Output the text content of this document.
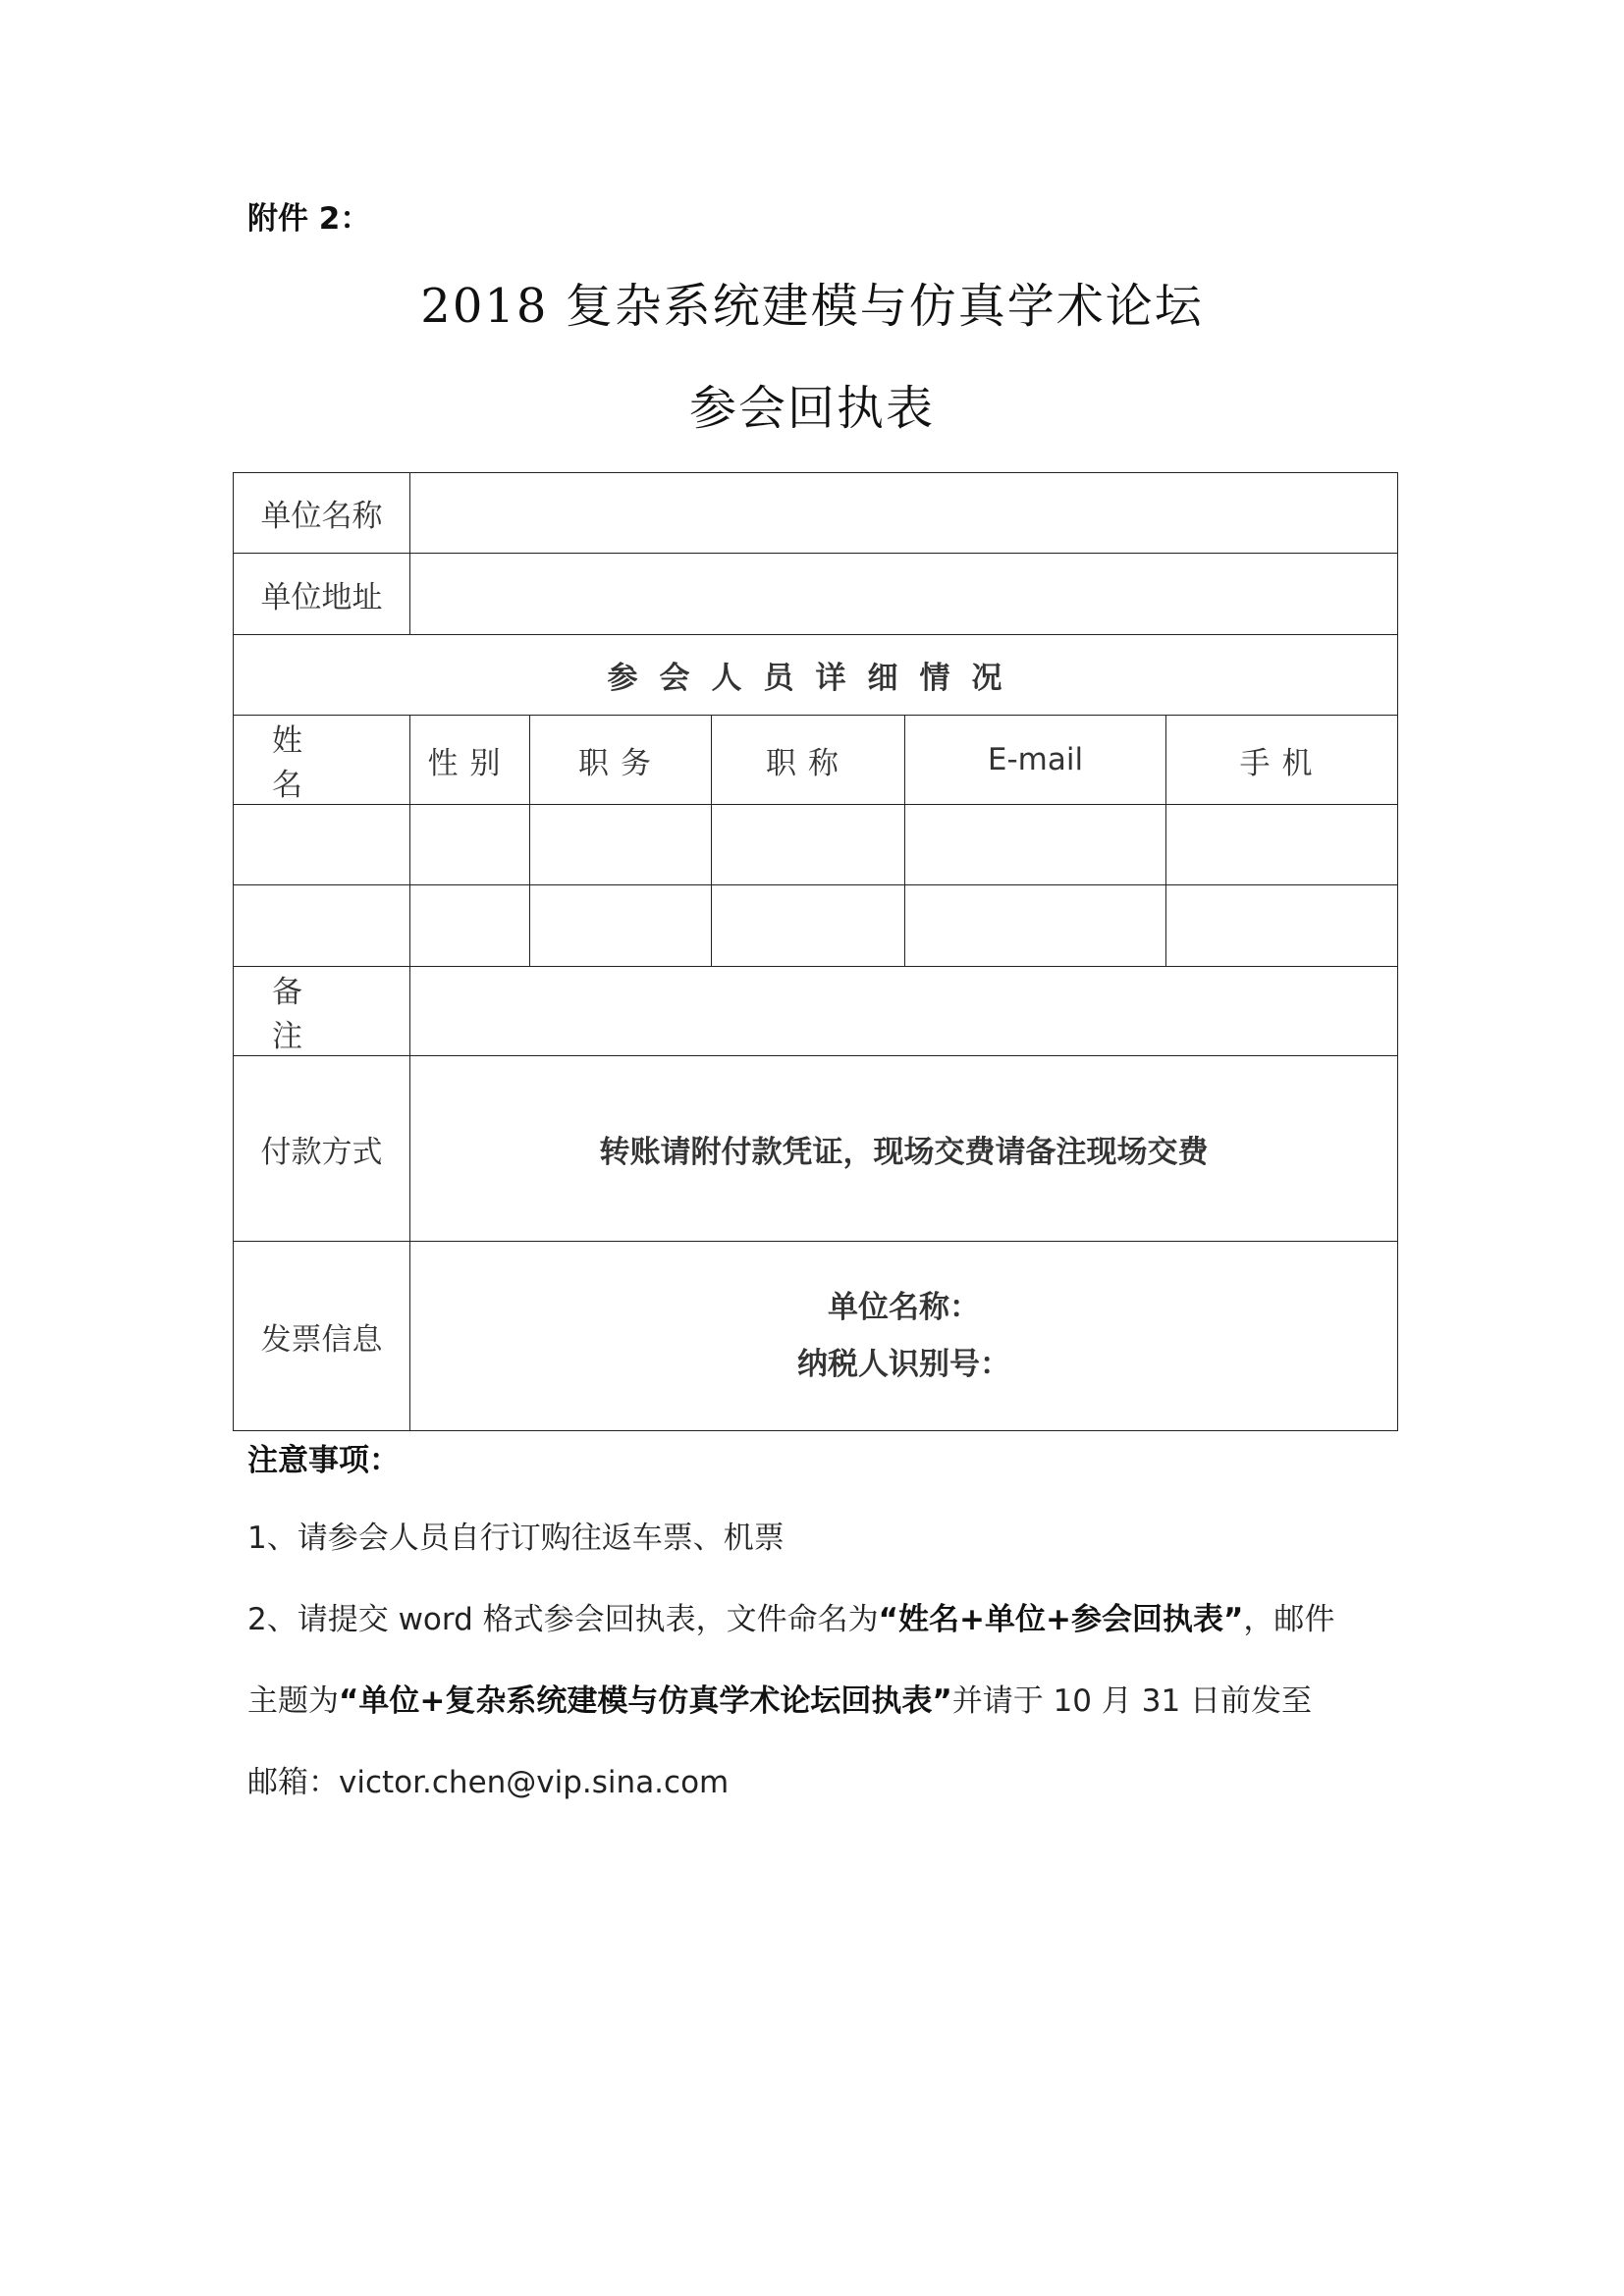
附件 2：
2018 复杂系统建模与仿真学术论坛
参会回执表
单位名称					
单位地址					
参会人员详细情况					
姓名	性别	职务	职称	E-mail	手机

备注					
付款方式	转账请附付款凭证，现场交费请备注现场交费				
发票信息	单位名称：
纳税人识别号：				
注意事项：
1、请参会人员自行订购往返车票、机票
2、请提交 word 格式参会回执表，文件命名为“姓名+单位+参会回执表”，邮件
主题为“单位+复杂系统建模与仿真学术论坛回执表”并请于 10 月 31 日前发至
邮箱：victor.chen@vip.sina.com
